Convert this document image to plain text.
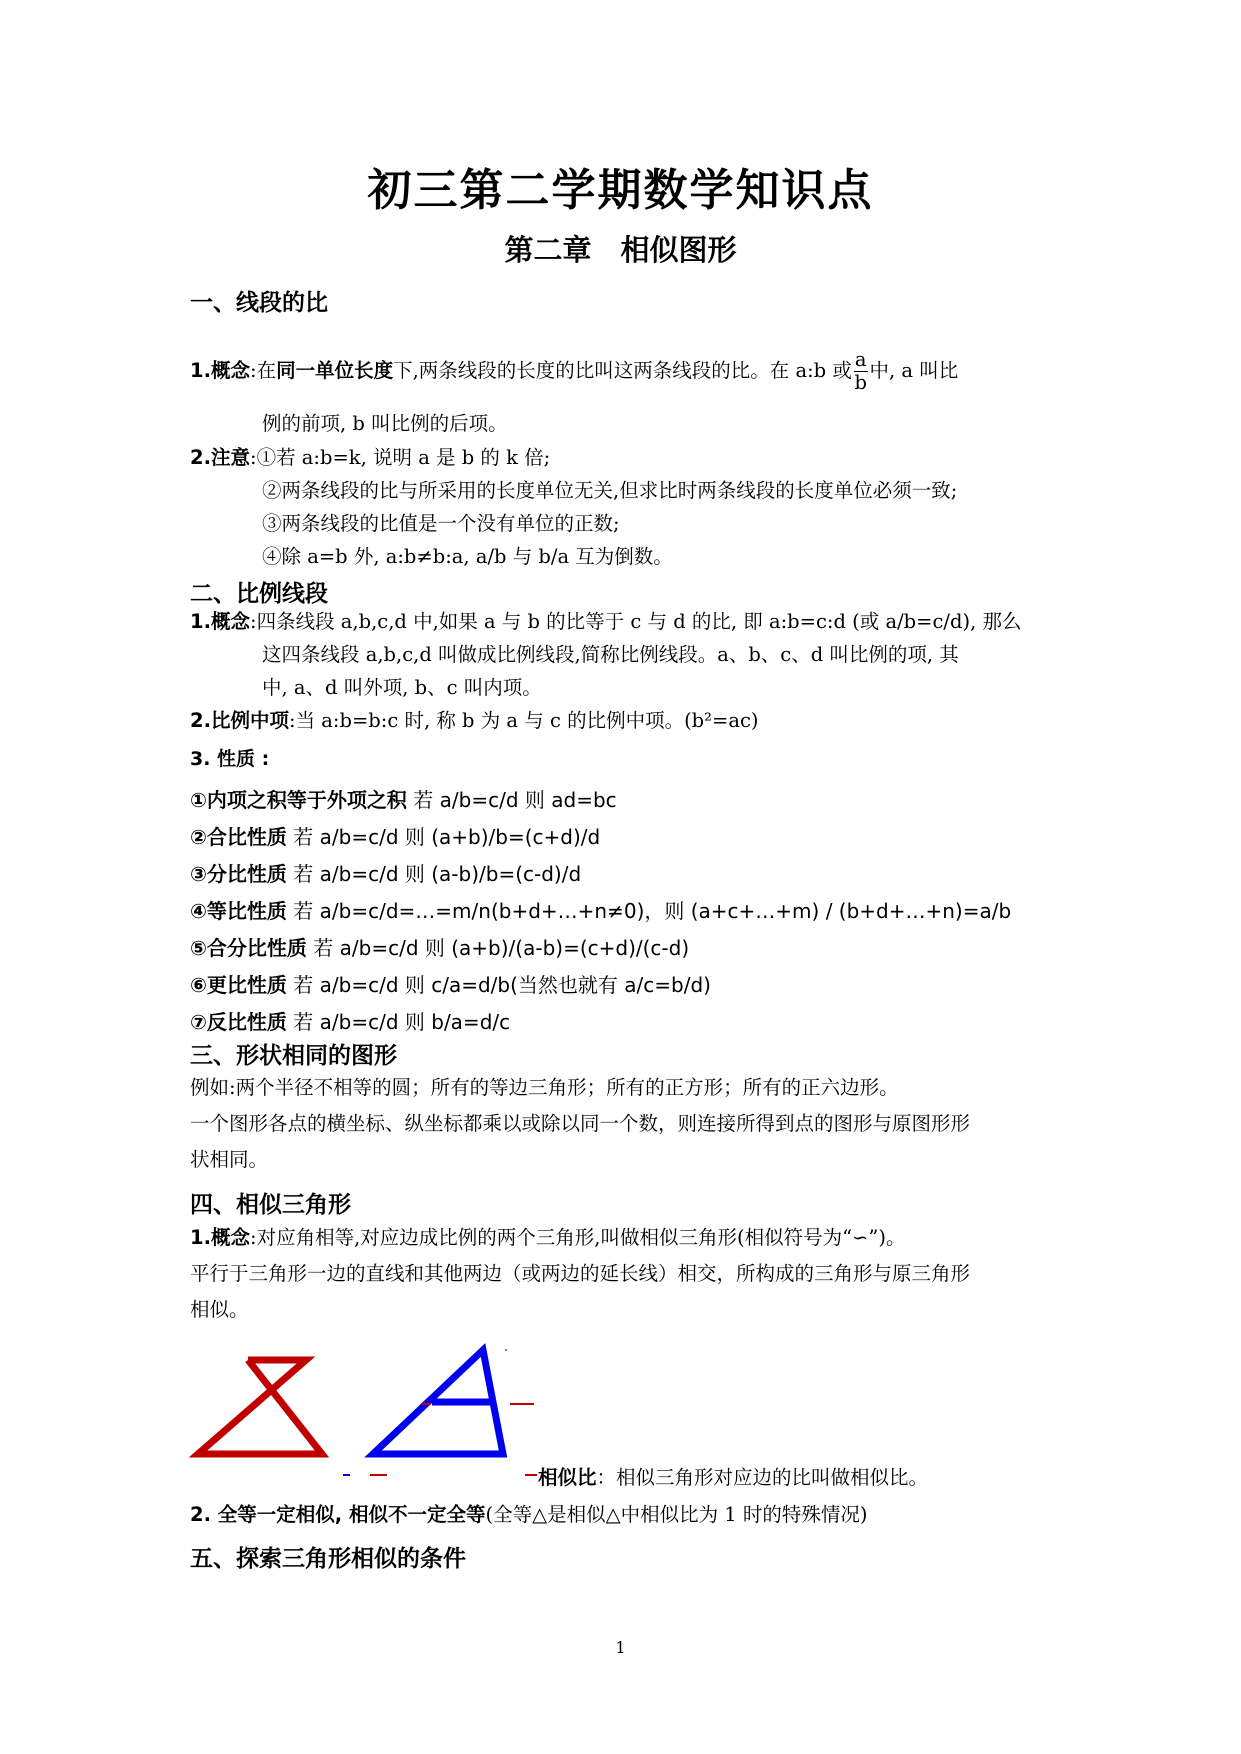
初三第二学期数学知识点
第二章　相似图形
一、线段的比
1.概念:在同一单位长度下,两条线段的长度的比叫这两条线段的比。在 a:b 或 $\frac{a}{b}$ 中, a 叫比
例的前项, b 叫比例的后项。
2.注意:①若 a:b=k, 说明 a 是 b 的 k 倍;
②两条线段的比与所采用的长度单位无关,但求比时两条线段的长度单位必须一致;
③两条线段的比值是一个没有单位的正数;
④除 a=b 外, a:b≠b:a, a/b 与 b/a 互为倒数。
二、比例线段
1.概念:四条线段 a,b,c,d 中,如果 a 与 b 的比等于 c 与 d 的比, 即 a:b=c:d (或 a/b=c/d), 那么
这四条线段 a,b,c,d 叫做成比例线段,简称比例线段。a、b、c、d 叫比例的项, 其
中, a、d 叫外项, b、c 叫内项。
2.比例中项:当 a:b=b:c 时, 称 b 为 a 与 c 的比例中项。(b²=ac)
3. 性质 :
①内项之积等于外项之积 若 a/b=c/d 则 ad=bc
②合比性质 若 a/b=c/d 则 (a+b)/b=(c+d)/d
③分比性质 若 a/b=c/d 则 (a-b)/b=(c-d)/d
④等比性质 若 a/b=c/d=…=m/n(b+d+…+n≠0)，则 (a+c+…+m) / (b+d+…+n)=a/b
⑤合分比性质 若 a/b=c/d 则 (a+b)/(a-b)=(c+d)/(c-d)
⑥更比性质 若 a/b=c/d 则 c/a=d/b(当然也就有 a/c=b/d)
⑦反比性质 若 a/b=c/d 则 b/a=d/c
三、形状相同的图形
例如:两个半径不相等的圆；所有的等边三角形；所有的正方形；所有的正六边形。
一个图形各点的横坐标、纵坐标都乘以或除以同一个数，则连接所得到点的图形与原图形形
状相同。
四、相似三角形
1.概念:对应角相等,对应边成比例的两个三角形,叫做相似三角形(相似符号为“∽”)。
平行于三角形一边的直线和其他两边（或两边的延长线）相交，所构成的三角形与原三角形
相似。
相似比：相似三角形对应边的比叫做相似比。
2. 全等一定相似, 相似不一定全等(全等△是相似△中相似比为 1 时的特殊情况)
五、探索三角形相似的条件
1
